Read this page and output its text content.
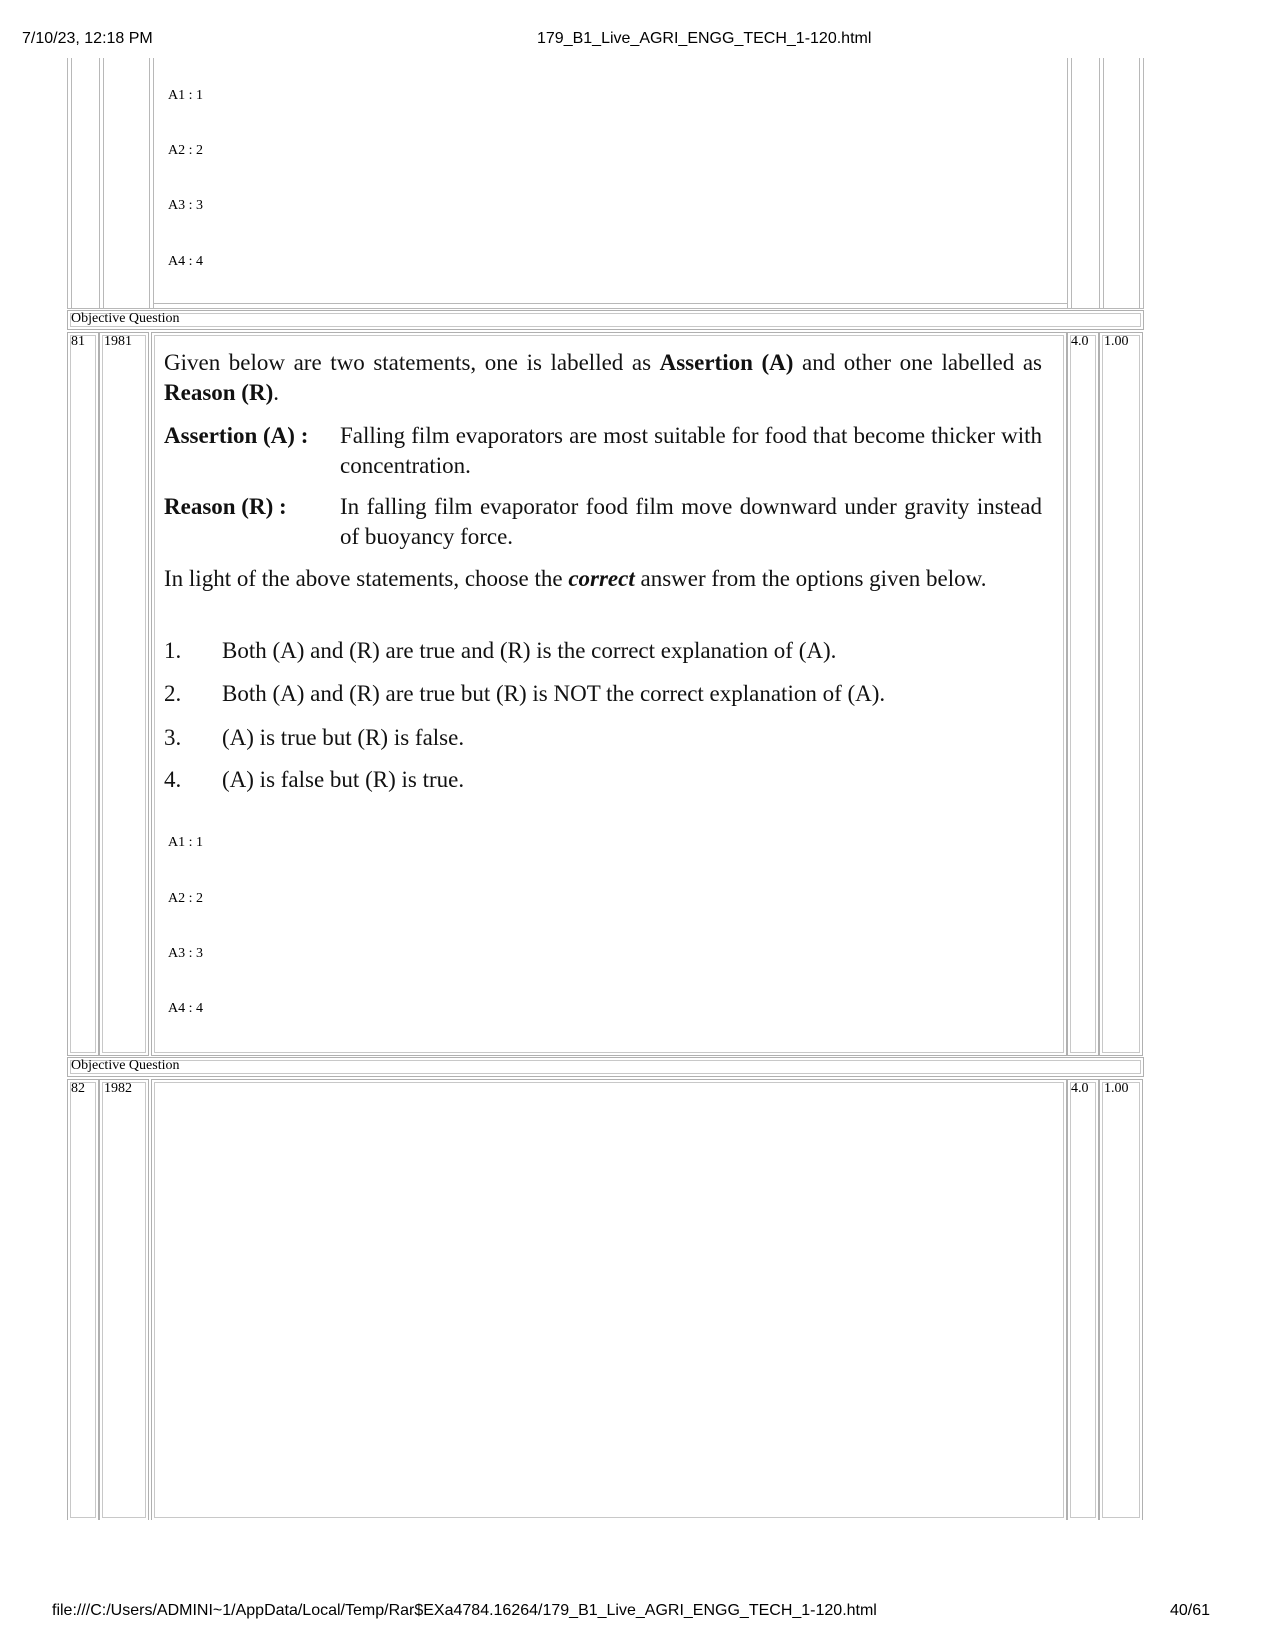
7/10/23, 12:18 PM	179_B1_Live_AGRI_ENGG_TECH_1-120.html
A1 : 1
A2 : 2
A3 : 3
A4 : 4
Objective Question
81 1981	4.0 1.00
Given below are two statements, one is labelled as Assertion (A) and other one labelled as Reason (R).
Assertion (A) : Falling film evaporators are most suitable for food that become thicker with concentration.
Reason (R) : In falling film evaporator food film move downward under gravity instead of buoyancy force.
In light of the above statements, choose the correct answer from the options given below.
1. Both (A) and (R) are true and (R) is the correct explanation of (A).
2. Both (A) and (R) are true but (R) is NOT the correct explanation of (A).
3. (A) is true but (R) is false.
4. (A) is false but (R) is true.
A1 : 1
A2 : 2
A3 : 3
A4 : 4
Objective Question
82 1982	4.0 1.00
file:///C:/Users/ADMINI~1/AppData/Local/Temp/Rar$EXa4784.16264/179_B1_Live_AGRI_ENGG_TECH_1-120.html	40/61
